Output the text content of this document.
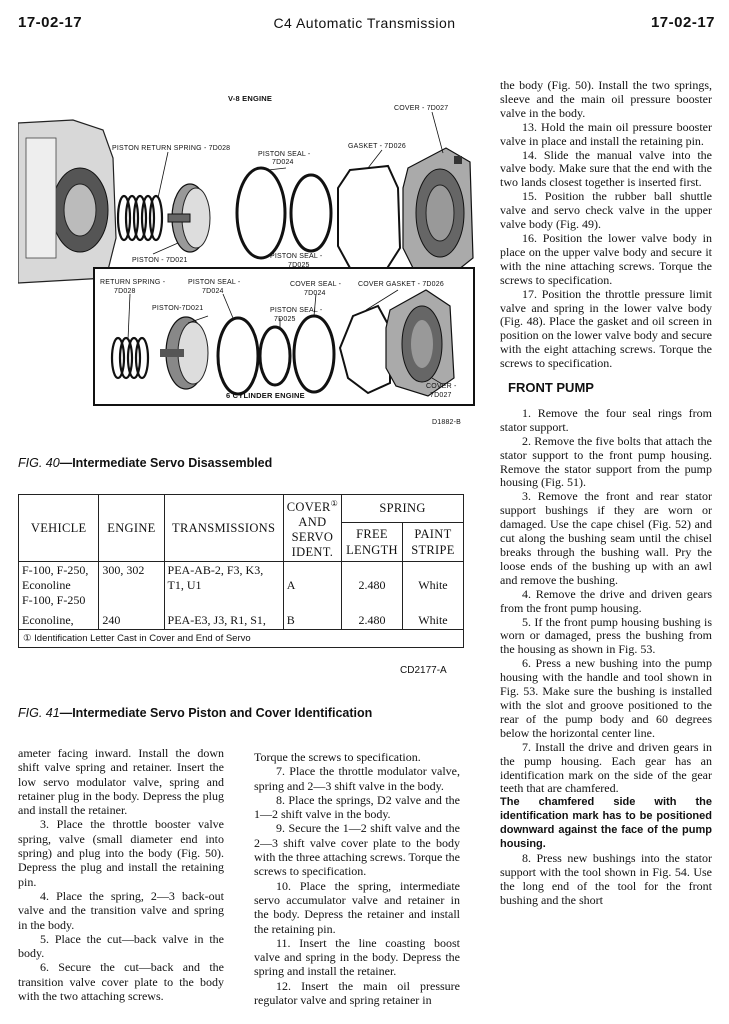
17-02-17	C4 Automatic Transmission	17-02-17
V-8 ENGINE
COVER - 7D027
PISTON RETURN SPRING - 7D028
PISTON SEAL -
7D024
GASKET - 7D026
PISTON - 7D021
PISTON SEAL -
7D025
RETURN SPRING -
7D028
PISTON SEAL -
7D024
COVER SEAL -
7D024
COVER GASKET - 7D026
PISTON-7D021	PISTON SEAL -
7D025
COVER -
7D027
6 CYLINDER ENGINE
D1882-B
FIG. 40—Intermediate Servo Disassembled
VEHICLE	ENGINE	TRANSMISSIONS	COVER①
AND
SERVO
IDENT.	SPRING	
				FREE
LENGTH	PAINT
STRIPE
F-100, F-250,
Econoline
F-100, F-250	300, 302	PEA-AB-2, F3, K3,
T1, U1	A	2.480	White
Econoline,	240	PEA-E3, J3, R1, S1,	B	2.480	White
① Identification Letter Cast in Cover and End of Servo					
CD2177-A
FIG. 41—Intermediate Servo Piston and Cover Identification

ameter facing inward. Install the down shift valve spring and retainer. Insert the low servo modulator valve, spring and retainer plug in the body. Depress the plug and install the retainer.

3. Place the throttle booster valve spring, valve (small diameter end into spring) and plug into the body (Fig. 50). Depress the plug and install the retaining pin.

4. Place the spring, 2—3 back-out valve and the transition valve and spring in the body.

5. Place the cut—back valve in the body.

6. Secure the cut—back and the transition valve cover plate to the body with the two attaching screws.

Torque the screws to specification.

7. Place the throttle modulator valve, spring and 2—3 shift valve in the body.

8. Place the springs, D2 valve and the 1—2 shift valve in the body.

9. Secure the 1—2 shift valve and the 2—3 shift valve cover plate to the body with the three attaching screws. Torque the screws to specification.

10. Place the spring, intermediate servo accumulator valve and retainer in the body. Depress the retainer and install the retaining pin.

11. Insert the line coasting boost valve and spring in the body. Depress the spring and install the retainer.

12. Insert the main oil pressure regulator valve and spring retainer in

the body (Fig. 50). Install the two springs, sleeve and the main oil pressure booster valve in the body.

13. Hold the main oil pressure booster valve in place and install the retaining pin.

14. Slide the manual valve into the valve body. Make sure that the end with the two lands closest together is inserted first.

15. Position the rubber ball shuttle valve and servo check valve in the upper valve body (Fig. 49).

16. Position the lower valve body in place on the upper valve body and secure it with the nine attaching screws. Torque the screws to specification.

17. Position the throttle pressure limit valve and spring in the lower valve body (Fig. 48). Place the gasket and oil screen in position on the lower valve body and secure with the eight attaching screws. Torque the screws to specification.

FRONT PUMP

1. Remove the four seal rings from stator support.

2. Remove the five bolts that attach the stator support to the front pump housing. Remove the stator support from the pump housing (Fig. 51).

3. Remove the front and rear stator support bushings if they are worn or damaged. Use the cape chisel (Fig. 52) and cut along the bushing seam until the chisel breaks through the bushing wall. Pry the loose ends of the bushing up with an awl and remove the bushing.

4. Remove the drive and driven gears from the front pump housing.

5. If the front pump housing bushing is worn or damaged, press the bushing from the housing as shown in Fig. 53.

6. Press a new bushing into the pump housing with the handle and tool shown in Fig. 53. Make sure the bushing is installed with the slot and groove positioned to the rear of the pump body and 60 degrees below the horizontal center line.

7. Install the drive and driven gears in the pump housing. Each gear has an identification mark on the side of the gear teeth that are chamfered.

The chamfered side with the identification mark has to be positioned downward against the face of the pump housing.

8. Press new bushings into the stator support with the tool shown in Fig. 54. Use the long end of the tool for the front bushing and the short
